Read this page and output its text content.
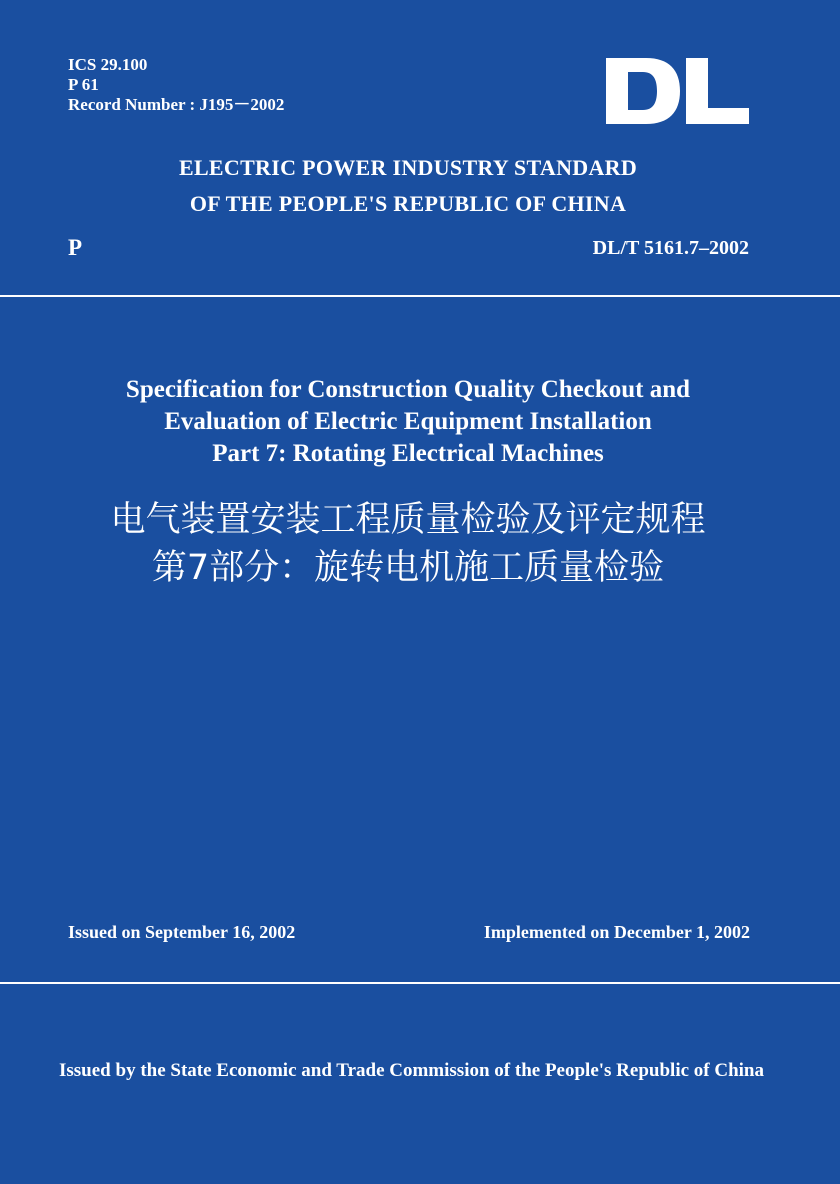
ICS 29.100
P 61
Record Number : J195－2002
ELECTRIC POWER INDUSTRY STANDARD
OF THE PEOPLE'S REPUBLIC OF CHINA
P	DL/T 5161.7–2002
Specification for Construction Quality Checkout and
Evaluation of Electric Equipment Installation
Part 7: Rotating Electrical Machines
电气装置安装工程质量检验及评定规程
第7部分：旋转电机施工质量检验
Issued on September 16, 2002	Implemented on December 1, 2002
Issued by the State Economic and Trade Commission of the People's Republic of China
